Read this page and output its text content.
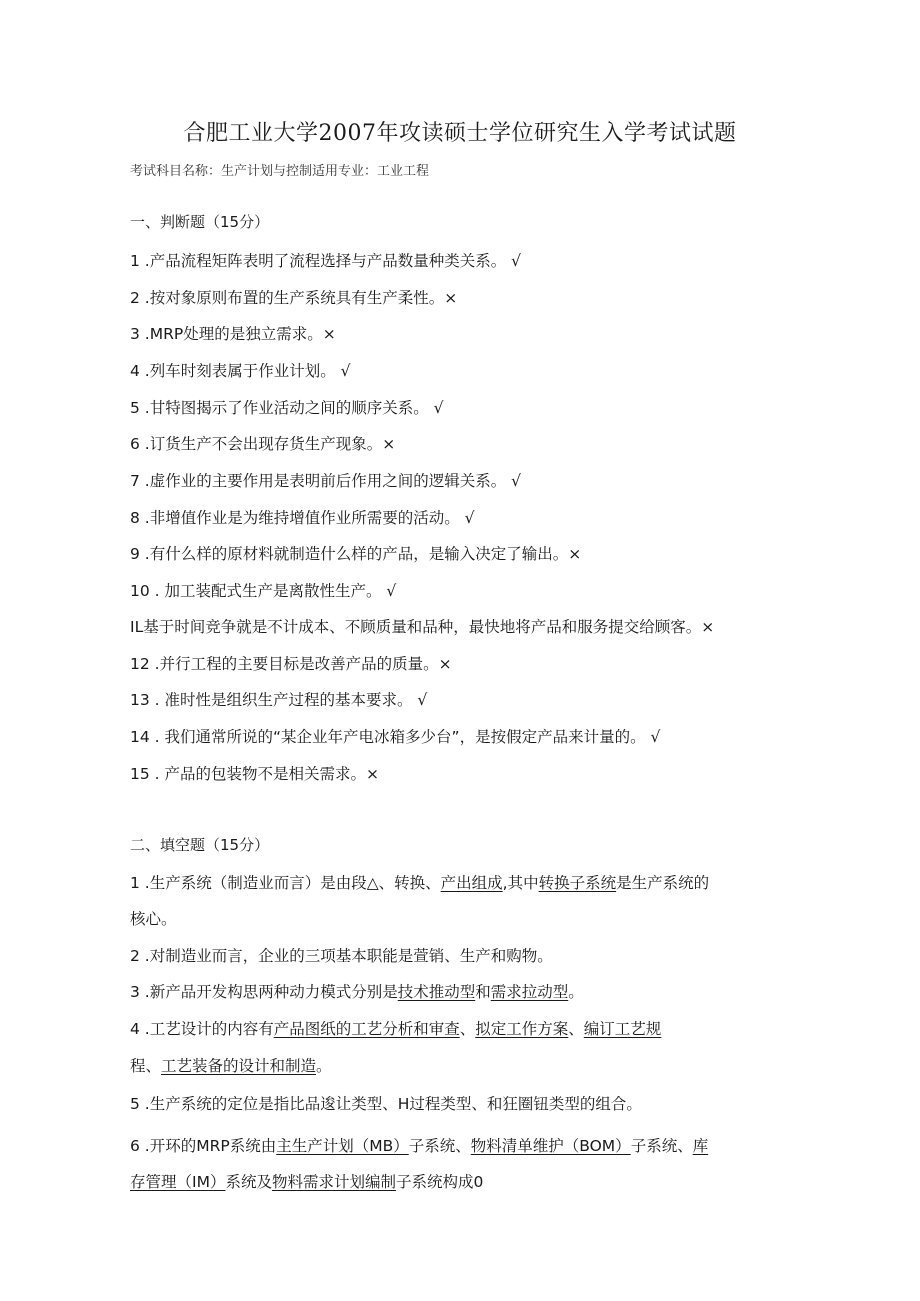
合肥工业大学2007年攻读硕士学位研究生入学考试试题
考试科目名称：生产计划与控制适用专业：工业工程
一、判断题（15分）
1 .产品流程矩阵表明了流程选择与产品数量种类关系。 √
2 .按对象原则布置的生产系统具有生产柔性。×
3 .MRP处理的是独立需求。×
4 .列车时刻表属于作业计划。 √
5 .甘特图揭示了作业活动之间的顺序关系。 √
6 .订货生产不会出现存货生产现象。×
7 .虚作业的主要作用是表明前后作用之间的逻辑关系。 √
8 .非增值作业是为维持增值作业所需要的活动。 √
9 .有什么样的原材料就制造什么样的产品，是输入决定了输出。×
10 . 加工装配式生产是离散性生产。 √
IL基于时间竞争就是不计成本、不顾质量和品种，最快地将产品和服务提交给顾客。×
12 .并行工程的主要目标是改善产品的质量。×
13 . 准时性是组织生产过程的基本要求。 √
14 . 我们通常所说的“某企业年产电冰箱多少台”，是按假定产品来计量的。 √
15 . 产品的包装物不是相关需求。×
二、填空题（15分）
1 .生产系统（制造业而言）是由段△、转换、产出组成,其中转换子系统是生产系统的
核心。
2 .对制造业而言，企业的三项基本职能是萱销、生产和购物。
3 .新产品开发构思两种动力模式分别是技术推动型和需求拉动型。
4 .工艺设计的内容有产品图纸的工艺分析和审查、拟定工作方案、编订工艺规
程、工艺装备的设计和制造。
5 .生产系统的定位是指比品逡让类型、H过程类型、和狂圈钮类型的组合。
6 .开环的MRP系统由主生产计划（MB）子系统、物料清单维护（BOM）子系统、库
存管理（IM）系统及物料需求计划编制子系统构成0
